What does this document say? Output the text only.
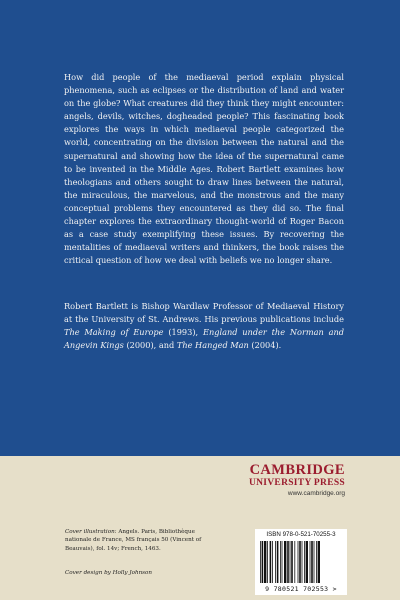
How did people of the mediaeval period explain physical phenomena, such as eclipses or the distribution of land and water on the globe? What creatures did they think they might encounter: angels, devils, witches, dogheaded people? This fascinating book explores the ways in which mediaeval people categorized the world, concentrating on the division between the natural and the supernatural and showing how the idea of the supernatural came to be invented in the Middle Ages. Robert Bartlett examines how theologians and others sought to draw lines between the natural, the miraculous, the marvelous, and the monstrous and the many conceptual problems they encountered as they did so. The final chapter explores the extraordinary thought-world of Roger Bacon as a case study exemplifying these issues. By recovering the mentalities of mediaeval writers and thinkers, the book raises the critical question of how we deal with beliefs we no longer share.

Robert Bartlett is Bishop Wardlaw Professor of Mediaeval History at the University of St. Andrews. His previous publications include The Making of Europe (1993), England under the Norman and Angevin Kings (2000), and The Hanged Man (2004).

CAMBRIDGE
UNIVERSITY PRESS
www.cambridge.org

Cover illustration: Angels. Paris, Bibliothèque nationale de France, MS français 50 (Vincent of Beauvais), fol. 14v; French, 1463.

Cover design by Holly Johnson
ISBN 978-0-521-70255-3
9 780521 702553 >
